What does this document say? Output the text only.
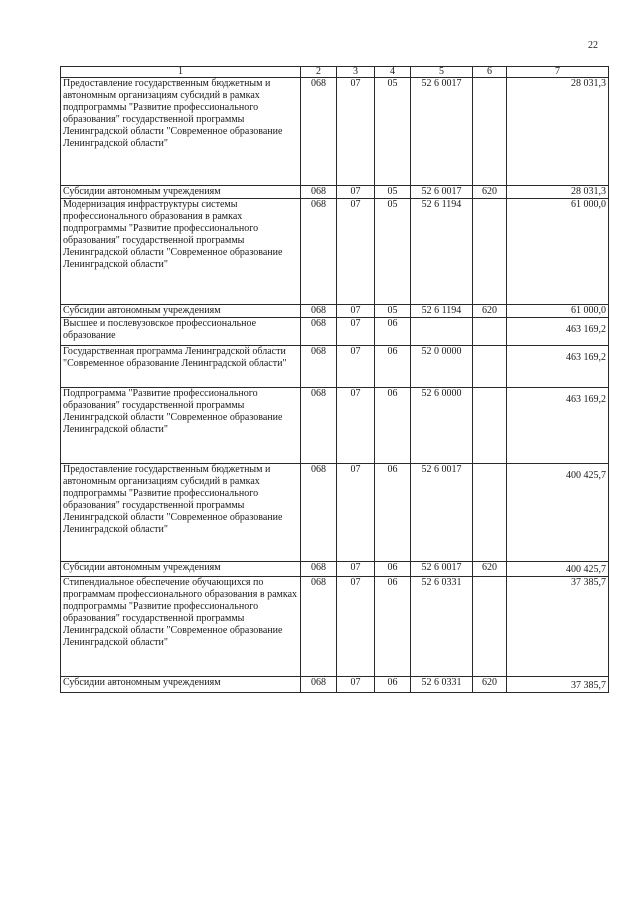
22
1	2	3	4	5	6	7
Предоставление государственным бюджетным и автономным организациям субсидий в рамках подпрограммы "Развитие профессионального образования" государственной программы Ленинградской области "Современное образование Ленинградской области"	068	07	05	52 6 0017		28 031,3
Субсидии автономным учреждениям	068	07	05	52 6 0017	620	28 031,3
Модернизация инфраструктуры системы профессионального образования в рамках подпрограммы "Развитие профессионального образования" государственной программы Ленинградской области "Современное образование Ленинградской области"	068	07	05	52 6 1194		61 000,0
Субсидии автономным учреждениям	068	07	05	52 6 1194	620	61 000,0
Высшее и послевузовское профессиональное образование	068	07	06			463 169,2
Государственная программа Ленинградской области "Современное образование Ленинградской области"	068	07	06	52 0 0000		463 169,2
Подпрограмма "Развитие профессионального образования" государственной программы Ленинградской области "Современное образование Ленинградской области"	068	07	06	52 6 0000		463 169,2
Предоставление государственным бюджетным и автономным организациям субсидий в рамках подпрограммы "Развитие профессионального образования" государственной программы Ленинградской области "Современное образование Ленинградской области"	068	07	06	52 6 0017		400 425,7
Субсидии автономным учреждениям	068	07	06	52 6 0017	620	400 425,7
Стипендиальное обеспечение обучающихся по программам профессионального образования в рамках подпрограммы "Развитие профессионального образования" государственной программы Ленинградской области "Современное образование Ленинградской области"	068	07	06	52 6 0331		37 385,7
Субсидии автономным учреждениям	068	07	06	52 6 0331	620	37 385,7
